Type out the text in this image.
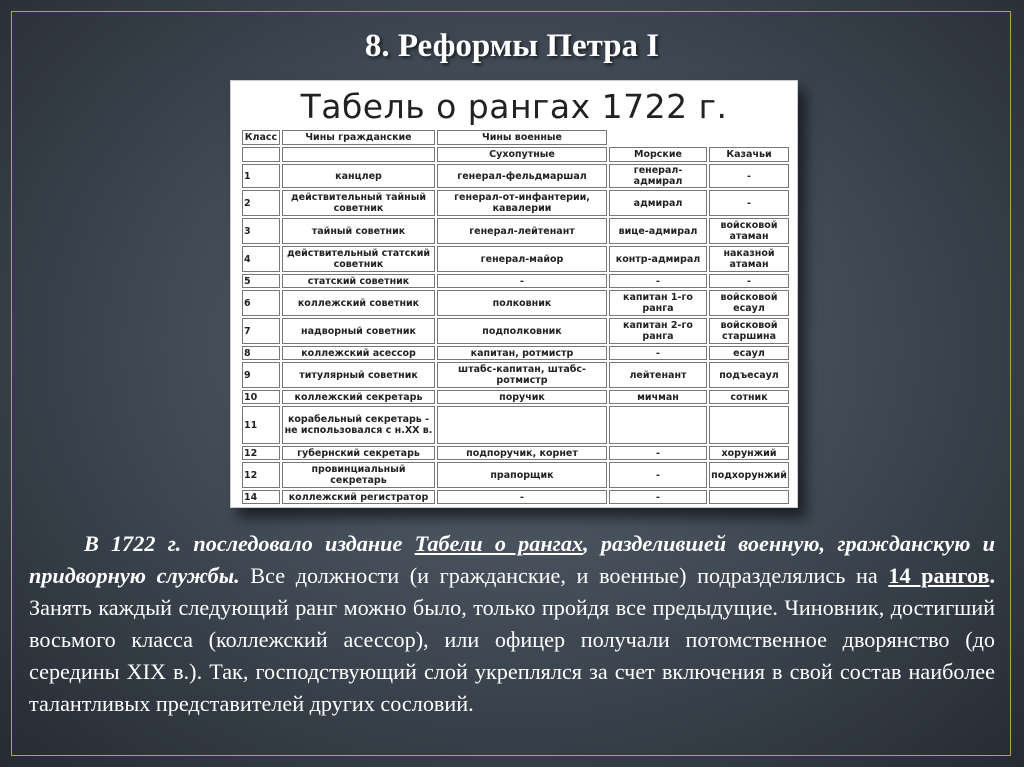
8. Реформы Петра I
Табель о рангах 1722 г.
Класс	Чины гражданские	Чины военные		
		Сухопутные	Морские	Казачьи
1	канцлер	генерал-фельдмаршал	генерал-адмирал	-
2	действительный тайный советник	генерал-от-инфантерии, кавалерии	адмирал	-
3	тайный советник	генерал-лейтенант	вице-адмирал	войсковой атаман
4	действительный статский советник	генерал-майор	контр-адмирал	наказной атаман
5	статский советник	-	-	-
6	коллежский советник	полковник	капитан 1-го ранга	войсковой есаул
7	надворный советник	подполковник	капитан 2-го ранга	войсковой старшина
8	коллежский асессор	капитан, ротмистр	-	есаул
9	титулярный советник	штабс-капитан, штабс-ротмистр	лейтенант	подъесаул
10	коллежский секретарь	поручик	мичман	сотник
11	корабельный секретарь - не использовался с н.XX в.			
12	губернский секретарь	подпоручик, корнет	-	хорунжий
12	провинциальный секретарь	прапорщик	-	подхорунжий
14	коллежский регистратор	-	-	
В 1722 г. последовало издание Табели о рангах, разделившей военную, гражданскую и придворную службы. Все должности (и гражданские, и военные) подразделялись на 14 рангов. Занять каждый следующий ранг можно было, только пройдя все предыдущие. Чиновник, достигший восьмого класса (коллежский асессор), или офицер получали потомственное дворянство (до середины XIX в.). Так, господствующий слой укреплялся за счет включения в свой состав наиболее талантливых представителей других сословий.
